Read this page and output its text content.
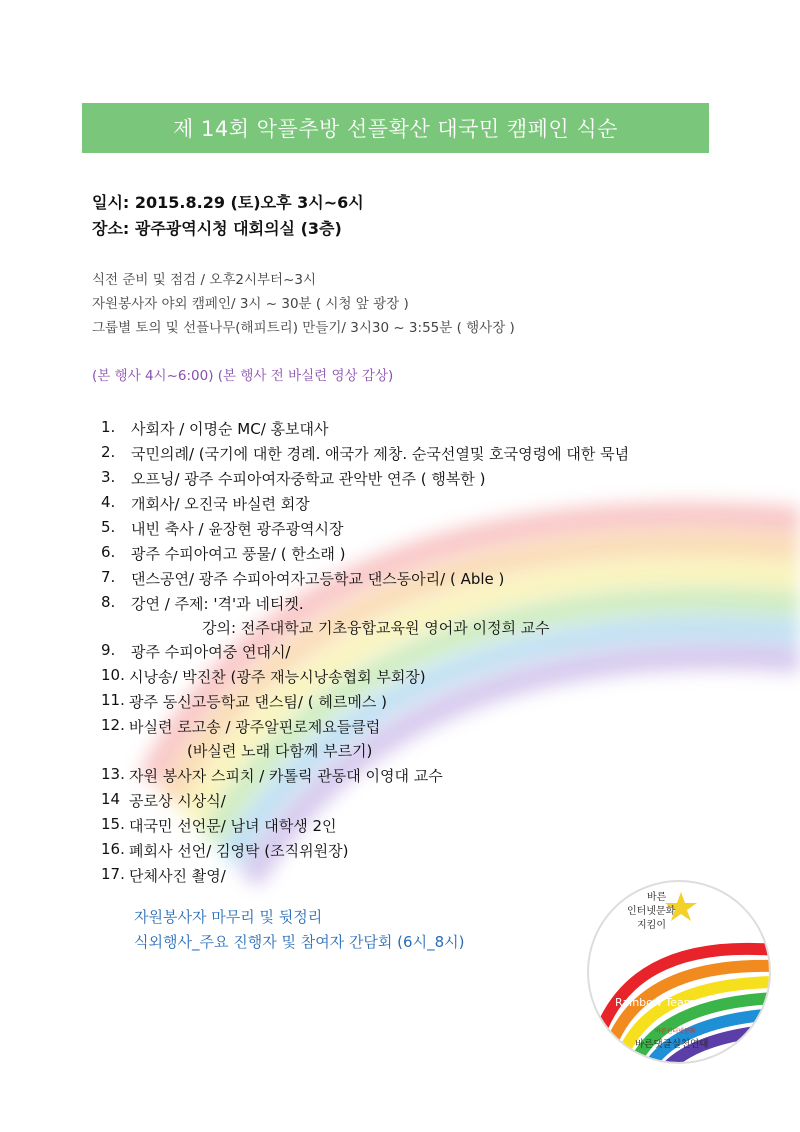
제 14회 악플추방 선플확산 대국민 캠페인 식순
일시: 2015.8.29 (토)오후 3시~6시
장소: 광주광역시청 대회의실 (3층)
식전 준비 및 점검 / 오후2시부터~3시
자원봉사자 야외 캠페인/ 3시 ~ 30분 ( 시청 앞 광장 )
그룹별 토의 및 선플나무(해피트리) 만들기/ 3시30 ~ 3:55분 ( 행사장 )
(본 행사 4시~6:00) (본 행사 전 바실련 영상 감상)
1. 사회자 / 이명순 MC/ 홍보대사
2. 국민의례/ (국기에 대한 경례. 애국가 제창. 순국선열및 호국영령에 대한 묵념
3. 오프닝/ 광주 수피아여자중학교 관악반 연주 ( 행복한 )
4. 개회사/ 오진국 바실련 회장
5. 내빈 축사 / 윤장현 광주광역시장
6. 광주 수피아여고 풍물/ ( 한소래 )
7. 댄스공연/ 광주 수피아여자고등학교 댄스동아리/ ( Able )
8. 강연 / 주제: '격'과 네티켓.
강의: 전주대학교 기초융합교육원 영어과 이정희 교수
9. 광주 수피아여중 연대시/
10. 시낭송/ 박진찬 (광주 재능시낭송협회 부회장)
11. 광주 동신고등학교 댄스팀/ ( 헤르메스 )
12. 바실련 로고송 / 광주알핀로제요들클럽
(바실련 노래 다함께 부르기)
13. 자원 봉사자 스피치 / 카톨릭 관동대 이영대 교수
14 공로상 시상식/
15. 대국민 선언문/ 남녀 대학생 2인
16. 폐회사 선언/ 김영탁 (조직위원장)
17. 단체사진 촬영/
자원봉사자 마무리 및 뒷정리
식외행사_주요 진행자 및 참여자 간담회 (6시_8시)
바른
인터넷문화
지킴이
Rainbow Team
바른인터넷문화
바른댓글실천연대
